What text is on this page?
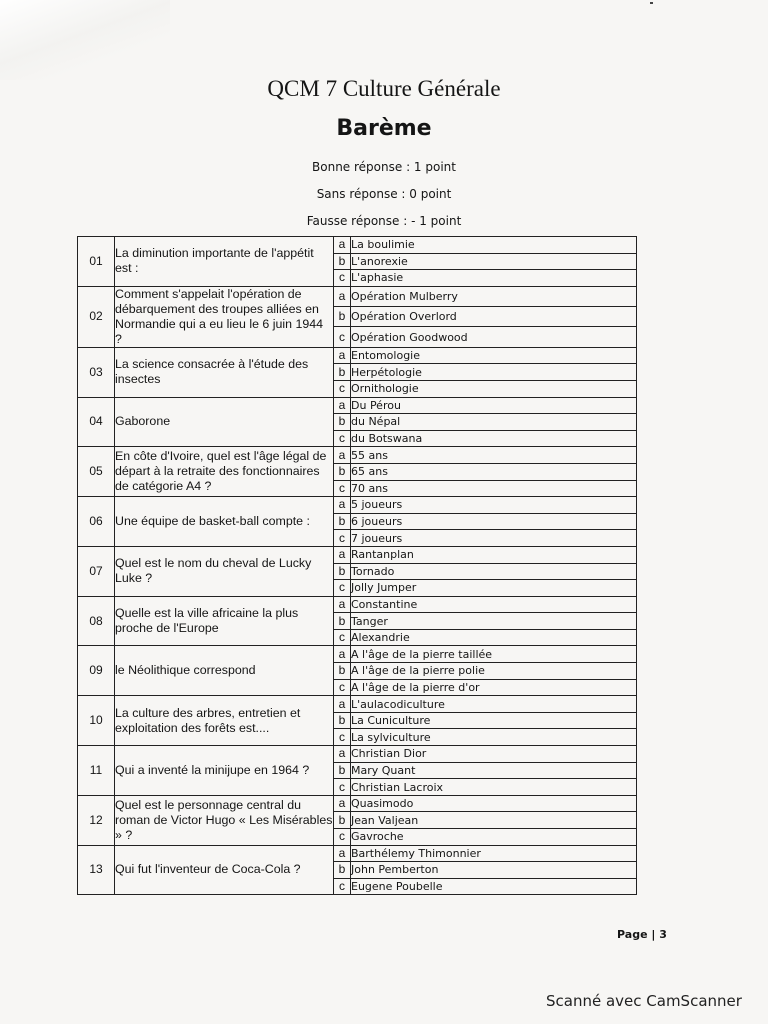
QCM 7 Culture Générale
Barème
Bonne réponse : 1 point
Sans réponse : 0 point
Fausse réponse : - 1 point
01	La diminution importante de l'appétit est :	a	La boulimie
		b	L'anorexie
		c	L'aphasie
02	Comment s'appelait l'opération de débarquement des troupes alliées en Normandie qui a eu lieu le 6 juin 1944 ?	a	Opération Mulberry
		b	Opération Overlord
		c	Opération Goodwood
03	La science consacrée à l'étude des insectes	a	Entomologie
		b	Herpétologie
		c	Ornithologie
04	Gaborone	a	Du Pérou
		b	du Népal
		c	du Botswana
05	En côte d'Ivoire, quel est l'âge légal de départ à la retraite des fonctionnaires de catégorie A4 ?	a	55 ans
		b	65 ans
		c	70 ans
06	Une équipe de basket-ball compte :	a	5 joueurs
		b	6 joueurs
		c	7 joueurs
07	Quel est le nom du cheval de Lucky Luke ?	a	Rantanplan
		b	Tornado
		c	Jolly Jumper
08	Quelle est la ville africaine la plus proche de l'Europe	a	Constantine
		b	Tanger
		c	Alexandrie
09	le Néolithique correspond	a	A l'âge de la pierre taillée
		b	A l'âge de la pierre polie
		c	A l'âge de la pierre d'or
10	La culture des arbres, entretien et exploitation des forêts est....	a	L'aulacodiculture
		b	La Cuniculture
		c	La sylviculture
11	Qui a inventé la minijupe en 1964 ?	a	Christian Dior
		b	Mary Quant
		c	Christian Lacroix
12	Quel est le personnage central du roman de Victor Hugo « Les Misérables » ?	a	Quasimodo
		b	Jean Valjean
		c	Gavroche
13	Qui fut l'inventeur de Coca-Cola ?	a	Barthélemy Thimonnier
		b	John Pemberton
		c	Eugene Poubelle
Page | 3
Scanné avec CamScanner
